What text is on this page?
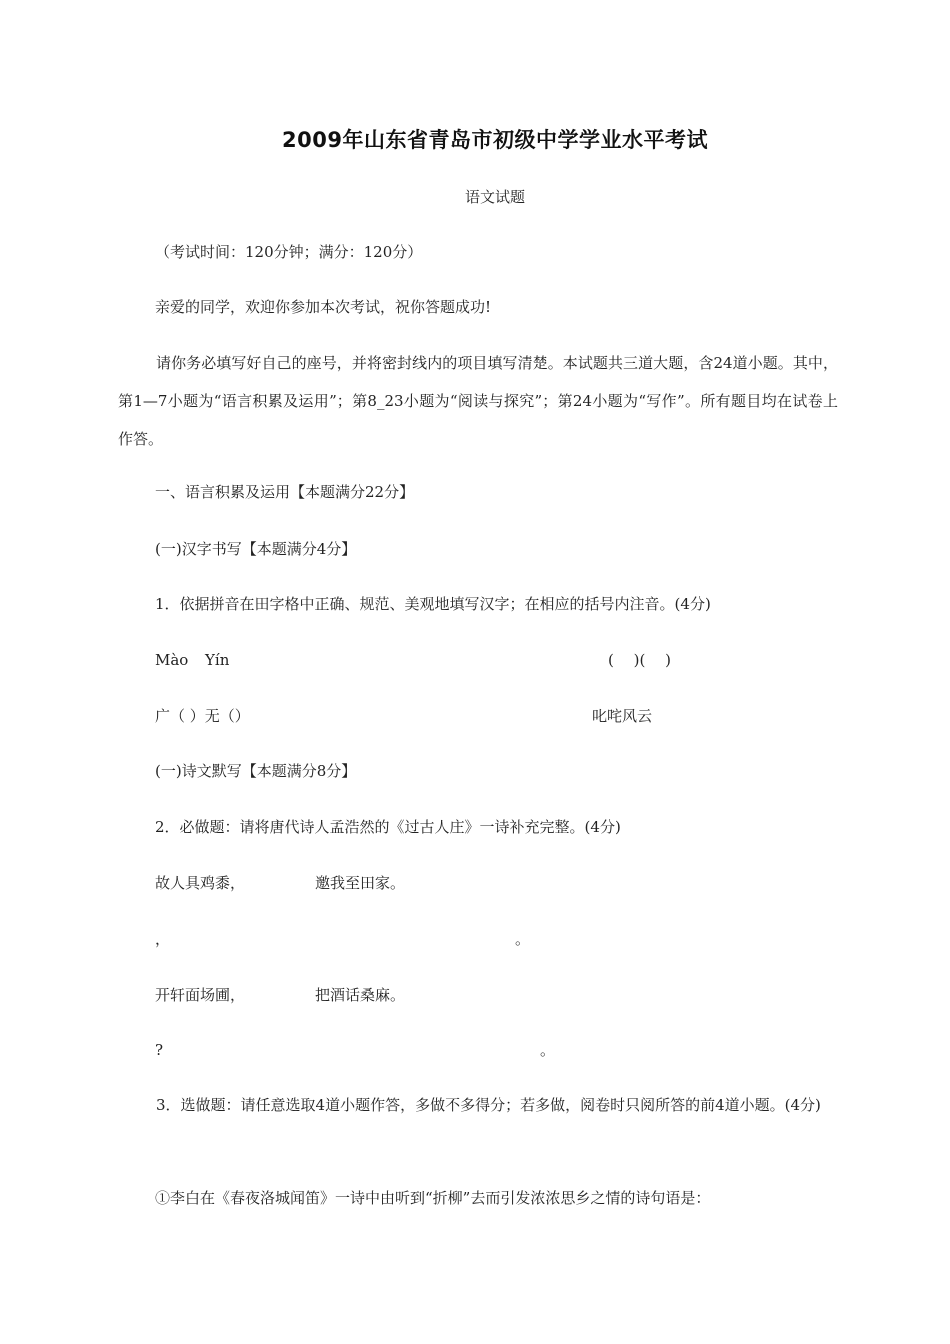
2009年山东省青岛市初级中学学业水平考试
语文试题
（考试时间：120分钟；满分：120分）
亲爱的同学，欢迎你参加本次考试，祝你答题成功!
请你务必填写好自己的座号，并将密封线内的项目填写清楚。本试题共三道大题，含24道小题。其中，第1—7小题为“语言积累及运用”；第8_23小题为“阅读与探究”；第24小题为“写作”。所有题目均在试卷上作答。
一、语言积累及运用【本题满分22分】
(一)汉字书写【本题满分4分】
1．依据拼音在田字格中正确、规范、美观地填写汉字；在相应的括号内注音。(4分)
Mào Yín	(　 )(　 )
广（ ）无（）	叱咤风云
(一)诗文默写【本题满分8分】
2．必做题：请将唐代诗人孟浩然的《过古人庄》一诗补充完整。(4分)
故人具鸡黍，	邀我至田家。
，	。
开轩面场圃，	把酒话桑麻。
?	。
3．选做题：请任意选取4道小题作答，多做不多得分；若多做，阅卷时只阅所答的前4道小题。(4分)
①李白在《春夜洛城闻笛》一诗中由听到“折柳”去而引发浓浓思乡之情的诗句语是：
